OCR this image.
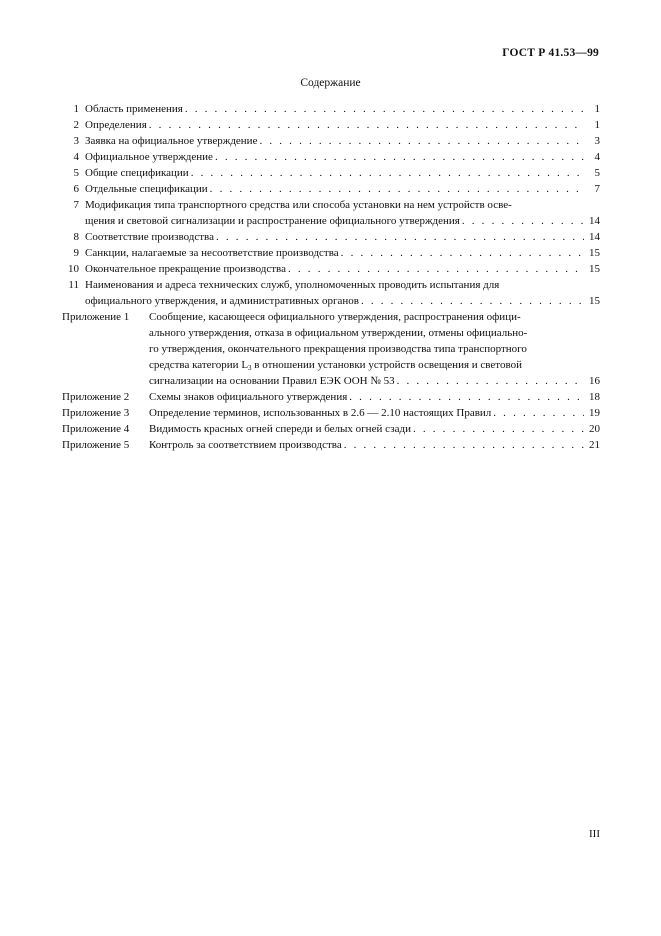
ГОСТ Р 41.53—99
Содержание
1 Область применения . . .	1
2 Определения . . .	1
3 Заявка на официальное утверждение . . .	3
4 Официальное утверждение . . .	4
5 Общие спецификации . . .	5
6 Отдельные спецификации . . .	7
7 Модификация типа транспортного средства или способа установки на нем устройств осве-
щения и световой сигнализации и распространение официального утверждения . . .	14
8 Соответствие производства . . .	14
9 Санкции, налагаемые за несоответствие производства . . .	15
10 Окончательное прекращение производства . . .	15
11 Наименования и адреса технических служб, уполномоченных проводить испытания для
официального утверждения, и административных органов . . .	15
Приложение 1	Сообщение, касающееся официального утверждения, распространения офици-
ального утверждения, отказа в официальном утверждении, отмены официально-
го утверждения, окончательного прекращения производства типа транспортного
средства категории $L_3$ в отношении установки устройств освещения и световой
сигнализации на основании Правил ЕЭК ООН № 53 . . .	16
Приложение 2	Схемы знаков официального утверждения . . .	18
Приложение 3	Определение терминов, использованных в 2.6 — 2.10 настоящих Правил . . .	19
Приложение 4	Видимость красных огней спереди и белых огней сзади . . .	20
Приложение 5	Контроль за соответствием производства . . .	21
III
